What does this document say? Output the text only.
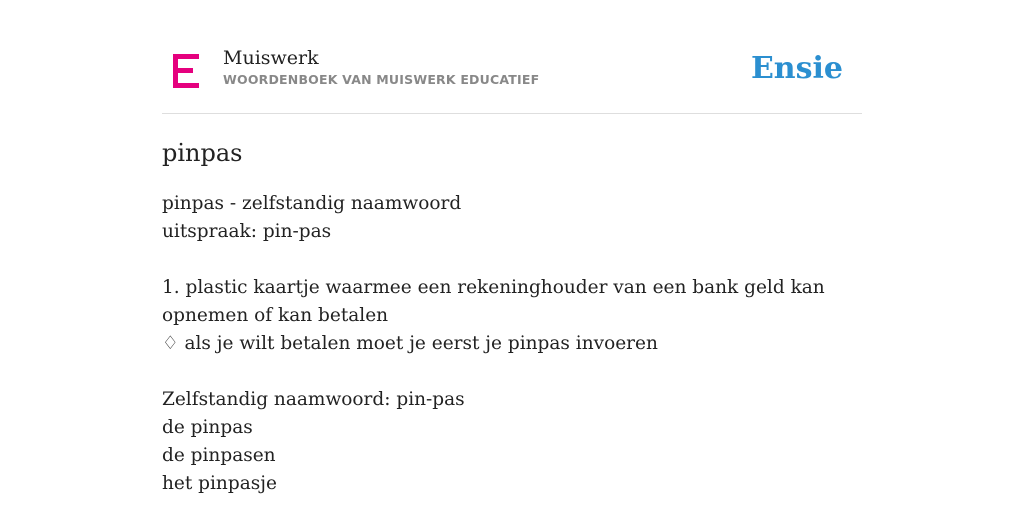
Muiswerk
WOORDENBOEK VAN MUISWERK EDUCATIEF	Ensie
pinpas
pinpas - zelfstandig naamwoord
uitspraak: pin-pas
1. plastic kaartje waarmee een rekeninghouder van een bank geld kan opnemen of kan betalen
♢ als je wilt betalen moet je eerst je pinpas invoeren
Zelfstandig naamwoord: pin-pas
de pinpas
de pinpasen
het pinpasje
